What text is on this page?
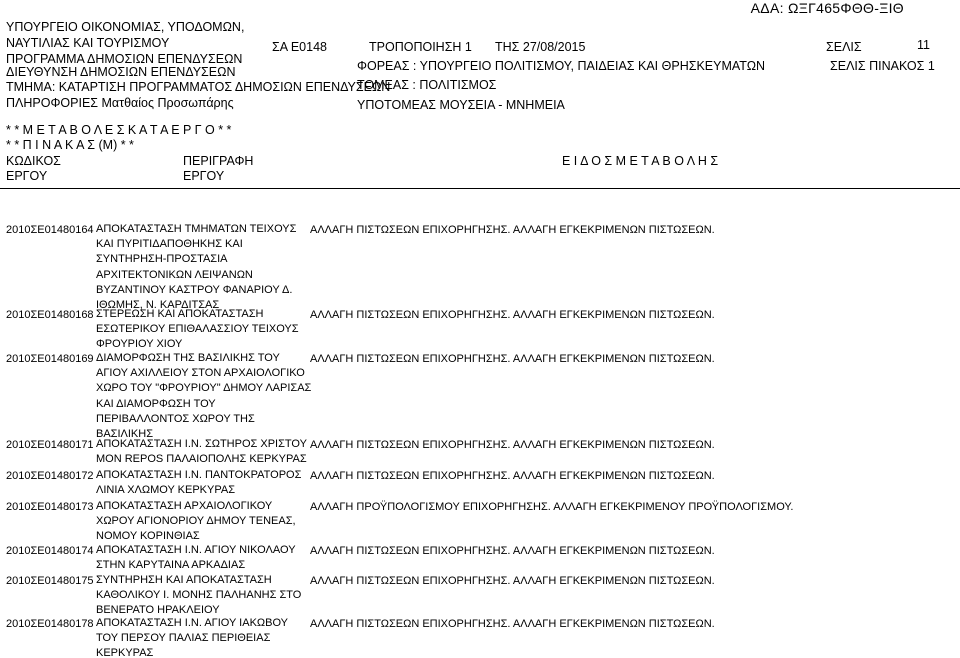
ΑΔΑ: ΩΞΓ465ΦΘΘ-ΞΙΘ
ΥΠΟΥΡΓΕΙΟ ΟΙΚΟΝΟΜΙΑΣ, ΥΠΟΔΟΜΩΝ,
ΝΑΥΤΙΛΙΑΣ ΚΑΙ ΤΟΥΡΙΣΜΟΥ
ΠΡΟΓΡΑΜΜΑ ΔΗΜΟΣΙΩΝ ΕΠΕΝΔΥΣΕΩΝ
ΔΙΕΥΘΥΝΣΗ ΔΗΜΟΣΙΩΝ ΕΠΕΝΔΥΣΕΩΝ
ΤΜΗΜΑ: ΚΑΤΑΡΤΙΣΗ ΠΡΟΓΡΑΜΜΑΤΟΣ ΔΗΜΟΣΙΩΝ ΕΠΕΝΔΥΣΕΩΝ
ΠΛΗΡΟΦΟΡΙΕΣ Ματθαίος Προσωπάρης
ΣΑ Ε0148	ΤΡΟΠΟΠΟΙΗΣΗ 1 ΤΗΣ 27/08/2015
ΦΟΡΕΑΣ : ΥΠΟΥΡΓΕΙΟ ΠΟΛΙΤΙΣΜΟΥ, ΠΑΙΔΕΙΑΣ ΚΑΙ ΘΡΗΣΚΕΥΜΑΤΩΝ
ΤΟΜΕΑΣ : ΠΟΛΙΤΙΣΜΟΣ
ΥΠΟΤΟΜΕΑΣ ΜΟΥΣΕΙΑ - ΜΝΗΜΕΙΑ
ΣΕΛΙΣ	11
ΣΕΛΙΣ ΠΙΝΑΚΟΣ 1
* * Μ Ε Τ Α Β Ο Λ Ε Σ Κ Α Τ Α Ε Ρ Γ Ο * *
* * Π Ι Ν Α Κ Α Σ (Μ) * *
ΚΩΔΙΚΟΣ
ΕΡΓΟΥ
ΠΕΡΙΓΡΑΦΗ
ΕΡΓΟΥ
Ε Ι Δ Ο Σ Μ Ε Τ Α Β Ο Λ Η Σ
2010ΣΕ01480164 ΑΠΟΚΑΤΑΣΤΑΣΗ ΤΜΗΜΑΤΩΝ ΤΕΙΧΟΥΣ
ΚΑΙ ΠΥΡΙΤΙΔΑΠΟΘΗΚΗΣ ΚΑΙ
ΣΥΝΤΗΡΗΣΗ-ΠΡΟΣΤΑΣΙΑ
ΑΡΧΙΤΕΚΤΟΝΙΚΩΝ ΛΕΙΨΑΝΩΝ
ΒΥΖΑΝΤΙΝΟΥ ΚΑΣΤΡΟΥ ΦΑΝΑΡΙΟΥ Δ.
ΙΘΩΜΗΣ, Ν. ΚΑΡΔΙΤΣΑΣ
ΑΛΛΑΓΗ ΠΙΣΤΩΣΕΩΝ ΕΠΙΧΟΡΗΓΗΣΗΣ. ΑΛΛΑΓΗ ΕΓΚΕΚΡΙΜΕΝΩΝ ΠΙΣΤΩΣΕΩΝ.
2010ΣΕ01480168 ΣΤΕΡΕΩΣΗ ΚΑΙ ΑΠΟΚΑΤΑΣΤΑΣΗ
ΕΣΩΤΕΡΙΚΟΥ ΕΠΙΘΑΛΑΣΣΙΟΥ ΤΕΙΧΟΥΣ
ΦΡΟΥΡΙΟΥ ΧΙΟΥ
ΑΛΛΑΓΗ ΠΙΣΤΩΣΕΩΝ ΕΠΙΧΟΡΗΓΗΣΗΣ. ΑΛΛΑΓΗ ΕΓΚΕΚΡΙΜΕΝΩΝ ΠΙΣΤΩΣΕΩΝ.
2010ΣΕ01480169 ΔΙΑΜΟΡΦΩΣΗ ΤΗΣ ΒΑΣΙΛΙΚΗΣ ΤΟΥ
ΑΓΙΟΥ ΑΧΙΛΛΕΙΟΥ ΣΤΟΝ ΑΡΧΑΙΟΛΟΓΙΚΟ
ΧΩΡΟ ΤΟΥ "ΦΡΟΥΡΙΟΥ" ΔΗΜΟΥ ΛΑΡΙΣΑΣ
ΚΑΙ ΔΙΑΜΟΡΦΩΣΗ ΤΟΥ
ΠΕΡΙΒΑΛΛΟΝΤΟΣ ΧΩΡΟΥ ΤΗΣ
ΒΑΣΙΛΙΚΗΣ
ΑΛΛΑΓΗ ΠΙΣΤΩΣΕΩΝ ΕΠΙΧΟΡΗΓΗΣΗΣ. ΑΛΛΑΓΗ ΕΓΚΕΚΡΙΜΕΝΩΝ ΠΙΣΤΩΣΕΩΝ.
2010ΣΕ01480171 ΑΠΟΚΑΤΑΣΤΑΣΗ Ι.Ν. ΣΩΤΗΡΟΣ ΧΡΙΣΤΟΥ
ΜΟΝ REPOS ΠΑΛΑΙΟΠΟΛΗΣ ΚΕΡΚΥΡΑΣ
ΑΛΛΑΓΗ ΠΙΣΤΩΣΕΩΝ ΕΠΙΧΟΡΗΓΗΣΗΣ. ΑΛΛΑΓΗ ΕΓΚΕΚΡΙΜΕΝΩΝ ΠΙΣΤΩΣΕΩΝ.
2010ΣΕ01480172 ΑΠΟΚΑΤΑΣΤΑΣΗ Ι.Ν. ΠΑΝΤΟΚΡΑΤΟΡΟΣ
ΛΙΝΙΑ ΧΛΩΜΟΥ ΚΕΡΚΥΡΑΣ
ΑΛΛΑΓΗ ΠΙΣΤΩΣΕΩΝ ΕΠΙΧΟΡΗΓΗΣΗΣ. ΑΛΛΑΓΗ ΕΓΚΕΚΡΙΜΕΝΩΝ ΠΙΣΤΩΣΕΩΝ.
2010ΣΕ01480173 ΑΠΟΚΑΤΑΣΤΑΣΗ ΑΡΧΑΙΟΛΟΓΙΚΟΥ
ΧΩΡΟΥ ΑΓΙΟΝΟΡΙΟΥ ΔΗΜΟΥ ΤΕΝΕΑΣ,
ΝΟΜΟΥ ΚΟΡΙΝΘΙΑΣ
ΑΛΛΑΓΗ ΠΡΟΫΠΟΛΟΓΙΣΜΟΥ ΕΠΙΧΟΡΗΓΗΣΗΣ. ΑΛΛΑΓΗ ΕΓΚΕΚΡΙΜΕΝΟΥ ΠΡΟΫΠΟΛΟΓΙΣΜΟΥ.
2010ΣΕ01480174 ΑΠΟΚΑΤΑΣΤΑΣΗ Ι.Ν. ΑΓΙΟΥ ΝΙΚΟΛΑΟΥ
ΣΤΗΝ ΚΑΡΥΤΑΙΝΑ ΑΡΚΑΔΙΑΣ
ΑΛΛΑΓΗ ΠΙΣΤΩΣΕΩΝ ΕΠΙΧΟΡΗΓΗΣΗΣ. ΑΛΛΑΓΗ ΕΓΚΕΚΡΙΜΕΝΩΝ ΠΙΣΤΩΣΕΩΝ.
2010ΣΕ01480175 ΣΥΝΤΗΡΗΣΗ ΚΑΙ ΑΠΟΚΑΤΑΣΤΑΣΗ
ΚΑΘΟΛΙΚΟΥ Ι. ΜΟΝΗΣ ΠΑΛΗΑΝΗΣ ΣΤΟ
ΒΕΝΕΡΑΤΟ ΗΡΑΚΛΕΙΟΥ
ΑΛΛΑΓΗ ΠΙΣΤΩΣΕΩΝ ΕΠΙΧΟΡΗΓΗΣΗΣ. ΑΛΛΑΓΗ ΕΓΚΕΚΡΙΜΕΝΩΝ ΠΙΣΤΩΣΕΩΝ.
2010ΣΕ01480178 ΑΠΟΚΑΤΑΣΤΑΣΗ Ι.Ν. ΑΓΙΟΥ ΙΑΚΩΒΟΥ
ΤΟΥ ΠΕΡΣΟΥ ΠΑΛΙΑΣ ΠΕΡΙΘΕΙΑΣ
ΚΕΡΚΥΡΑΣ
ΑΛΛΑΓΗ ΠΙΣΤΩΣΕΩΝ ΕΠΙΧΟΡΗΓΗΣΗΣ. ΑΛΛΑΓΗ ΕΓΚΕΚΡΙΜΕΝΩΝ ΠΙΣΤΩΣΕΩΝ.
